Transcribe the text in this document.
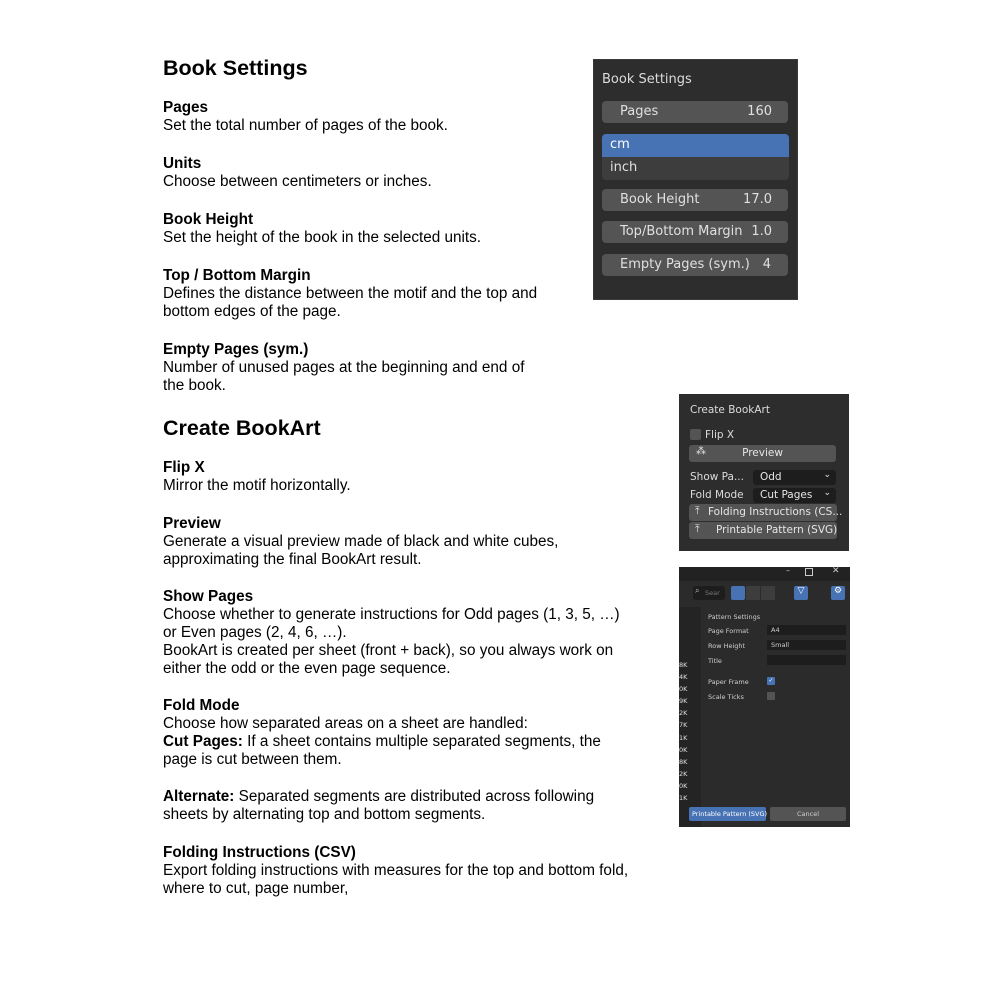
Book Settings
Pages
Set the total number of pages of the book.
Units
Choose between centimeters or inches.
Book Height
Set the height of the book in the selected units.
Top / Bottom Margin
Defines the distance between the motif and the top and
bottom edges of the page.
Empty Pages (sym.)
Number of unused pages at the beginning and end of
the book.
Create BookArt
Flip X
Mirror the motif horizontally.
Preview
Generate a visual preview made of black and white cubes,
approximating the final BookArt result.
Show Pages
Choose whether to generate instructions for Odd pages (1, 3, 5, …)
or Even pages (2, 4, 6, …).
BookArt is created per sheet (front + back), so you always work on
either the odd or the even page sequence.
Fold Mode
Choose how separated areas on a sheet are handled:
Cut Pages: If a sheet contains multiple separated segments, the
page is cut between them.
Alternate: Separated segments are distributed across following
sheets by alternating top and bottom segments.
Folding Instructions (CSV)
Export folding instructions with measures for the top and bottom fold,
where to cut, page number,
Book Settings
Pages	160
cm
inch
Book Height	17.0
Top/Bottom Margin 1.0
Empty Pages (sym.) 4
Create BookArt
Flip X
⁂	Preview
Show Pa... Odd	⌄
Fold Mode Cut Pages ⌄
⤒ Folding Instructions (CS...
⤒ Printable Pattern (SVG)
–	✕
⌕ Sear	▽	⚙
Pattern Settings
Page Format	A4
Row Height	Small
Title
Paper Frame	✓
Scale Ticks
Printable Pattern (SVG)	Cancel
8K
4K
0K
9K
2K
7K
1K
0K
8K
2K
0K
1K
